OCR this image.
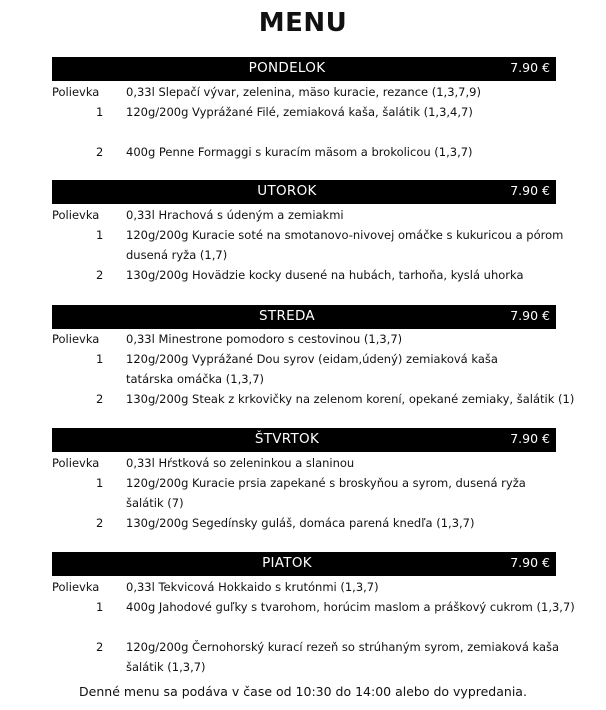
MENU
PONDELOK	7.90 €
Polievka 0,33l Slepačí vývar, zelenina, mäso kuracie, rezance (1,3,7,9)
1 120g/200g Vyprážané Filé, zemiaková kaša, šalátik (1,3,4,7)
2 400g Penne Formaggi s kuracím mäsom a brokolicou (1,3,7)
UTOROK	7.90 €
Polievka 0,33l Hrachová s údeným a zemiakmi
1 120g/200g Kuracie soté na smotanovo-nivovej omáčke s kukuricou a pórom
dusená ryža (1,7)
2 130g/200g Hovädzie kocky dusené na hubách, tarhoňa, kyslá uhorka
STREDA	7.90 €
Polievka 0,33l Minestrone pomodoro s cestovinou (1,3,7)
1 120g/200g Vyprážané Dou syrov (eidam,údený) zemiaková kaša
tatárska omáčka (1,3,7)
2 130g/200g Steak z krkovičky na zelenom korení, opekané zemiaky, šalátik (1)
ŠTVRTOK	7.90 €
Polievka 0,33l Hŕstková so zeleninkou a slaninou
1 120g/200g Kuracie prsia zapekané s broskyňou a syrom, dusená ryža
šalátik (7)
2 130g/200g Segedínsky guláš, domáca parená knedľa (1,3,7)
PIATOK	7.90 €
Polievka 0,33l Tekvicová Hokkaido s krutónmi (1,3,7)
1 400g Jahodové guľky s tvarohom, horúcim maslom a práškový cukrom (1,3,7)
2 120g/200g Černohorský kurací rezeň so strúhaným syrom, zemiaková kaša
šalátik (1,3,7)
Denné menu sa podáva v čase od 10:30 do 14:00 alebo do vypredania.
